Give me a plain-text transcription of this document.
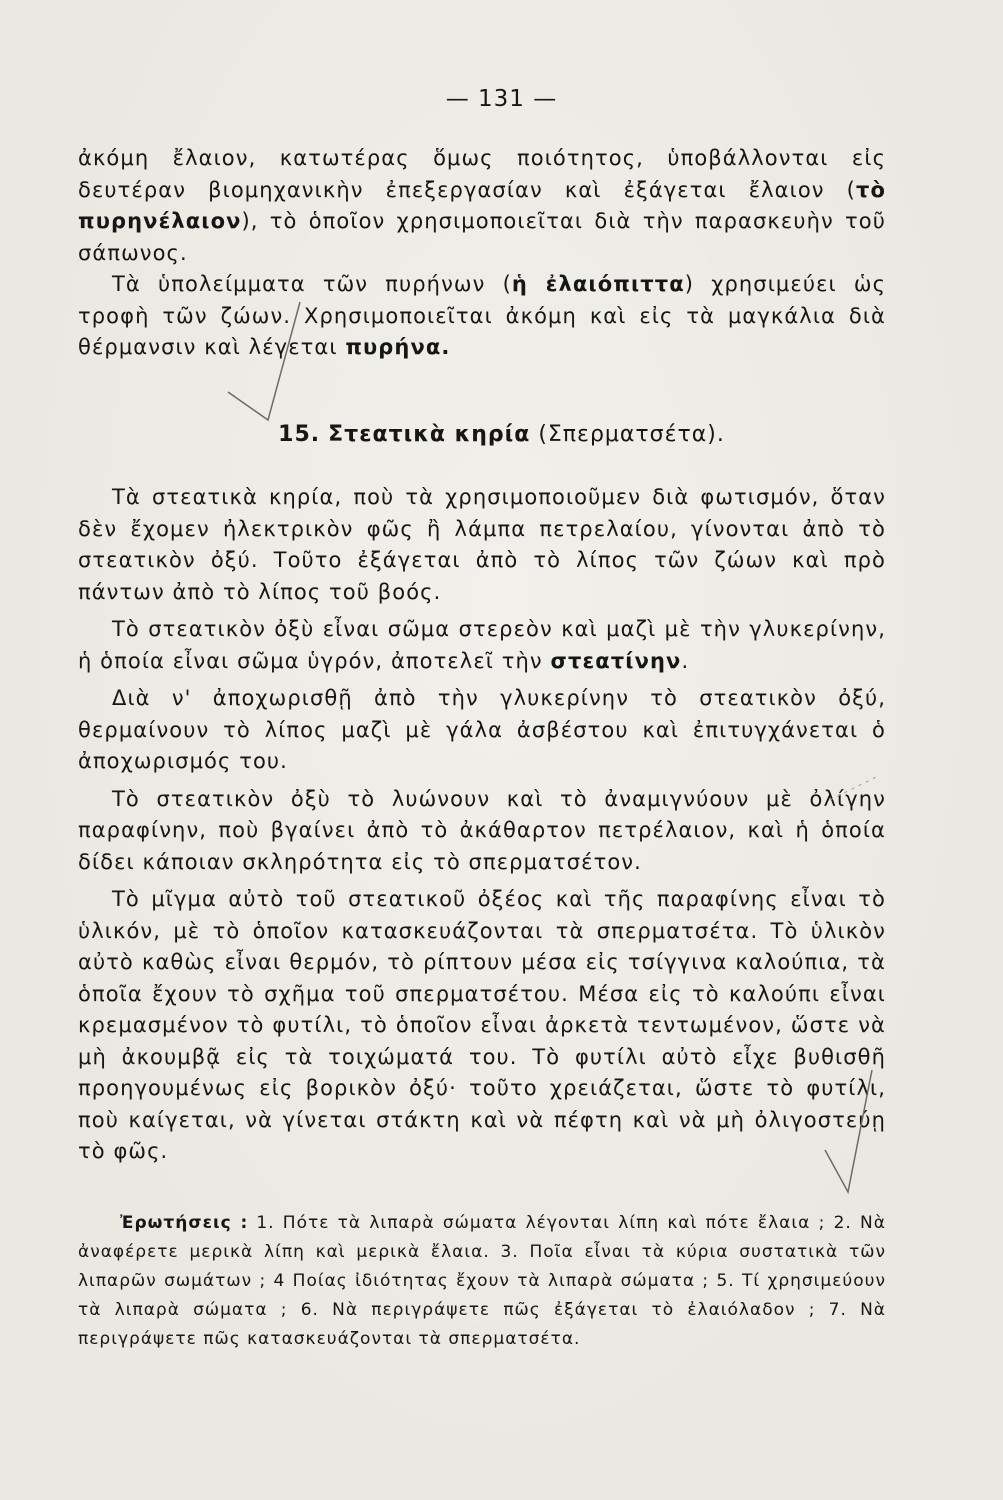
— 131 —

ἀκόμη ἔλαιον, κατωτέρας ὅμως ποιότητος, ὑποβάλλονται εἰς δευτέραν βιομηχανικὴν ἐπεξεργασίαν καὶ ἐξάγεται ἔλαιον (τὸ πυρηνέλαιον), τὸ ὁποῖον χρησιμοποιεῖται διὰ τὴν παρασκευὴν τοῦ σάπωνος.

Τὰ ὑπολείμματα τῶν πυρήνων (ἡ ἐλαιόπιττα) χρησιμεύει ὡς τροφὴ τῶν ζώων. Χρησιμοποιεῖται ἀκόμη καὶ εἰς τὰ μαγκάλια διὰ θέρμανσιν καὶ λέγεται πυρήνα.

15. Στεατικὰ κηρία (Σπερματσέτα).

Τὰ στεατικὰ κηρία, ποὺ τὰ χρησιμοποιοῦμεν διὰ φωτισμόν, ὅταν δὲν ἔχομεν ἠλεκτρικὸν φῶς ἢ λάμπα πετρελαίου, γίνονται ἀπὸ τὸ στεατικὸν ὀξύ. Τοῦτο ἐξάγεται ἀπὸ τὸ λίπος τῶν ζώων καὶ πρὸ πάντων ἀπὸ τὸ λίπος τοῦ βοός.

Τὸ στεατικὸν ὀξὺ εἶναι σῶμα στερεὸν καὶ μαζὶ μὲ τὴν γλυκερίνην, ἡ ὁποία εἶναι σῶμα ὑγρόν, ἀποτελεῖ τὴν στεατίνην.

Διὰ ν' ἀποχωρισθῇ ἀπὸ τὴν γλυκερίνην τὸ στεατικὸν ὀξύ, θερμαίνουν τὸ λίπος μαζὶ μὲ γάλα ἀσβέστου καὶ ἐπιτυγχάνεται ὁ ἀποχωρισμός του.

Τὸ στεατικὸν ὀξὺ τὸ λυώνουν καὶ τὸ ἀναμιγνύουν μὲ ὀλίγην παραφίνην, ποὺ βγαίνει ἀπὸ τὸ ἀκάθαρτον πετρέλαιον, καὶ ἡ ὁποία δίδει κάποιαν σκληρότητα εἰς τὸ σπερματσέτον.

Τὸ μῖγμα αὐτὸ τοῦ στεατικοῦ ὀξέος καὶ τῆς παραφίνης εἶναι τὸ ὑλικόν, μὲ τὸ ὁποῖον κατασκευάζονται τὰ σπερματσέτα. Τὸ ὑλικὸν αὐτὸ καθὼς εἶναι θερμόν, τὸ ρίπτουν μέσα εἰς τσίγγινα καλούπια, τὰ ὁποῖα ἔχουν τὸ σχῆμα τοῦ σπερματσέτου. Μέσα εἰς τὸ καλούπι εἶναι κρεμασμένον τὸ φυτίλι, τὸ ὁποῖον εἶναι ἀρκετὰ τεντωμένον, ὥστε νὰ μὴ ἀκουμβᾷ εἰς τὰ τοιχώματά του. Τὸ φυτίλι αὐτὸ εἶχε βυθισθῆ προηγουμένως εἰς βορικὸν ὀξύ· τοῦτο χρειάζεται, ὥστε τὸ φυτίλι, ποὺ καίγεται, νὰ γίνεται στάκτη καὶ νὰ πέφτη καὶ νὰ μὴ ὀλιγοστεύῃ τὸ φῶς.

Ἐρωτήσεις : 1. Πότε τὰ λιπαρὰ σώματα λέγονται λίπη καὶ πότε ἔλαια ; 2. Νὰ ἀναφέρετε μερικὰ λίπη καὶ μερικὰ ἔλαια. 3. Ποῖα εἶναι τὰ κύρια συστατικὰ τῶν λιπαρῶν σωμάτων ; 4 Ποίας ἰδιότητας ἔχουν τὰ λιπαρὰ σώματα ; 5. Τί χρησιμεύουν τὰ λιπαρὰ σώματα ; 6. Νὰ περιγράψετε πῶς ἐξάγεται τὸ ἐλαιόλαδον ; 7. Νὰ περιγράψετε πῶς κατασκευάζονται τὰ σπερματσέτα.
